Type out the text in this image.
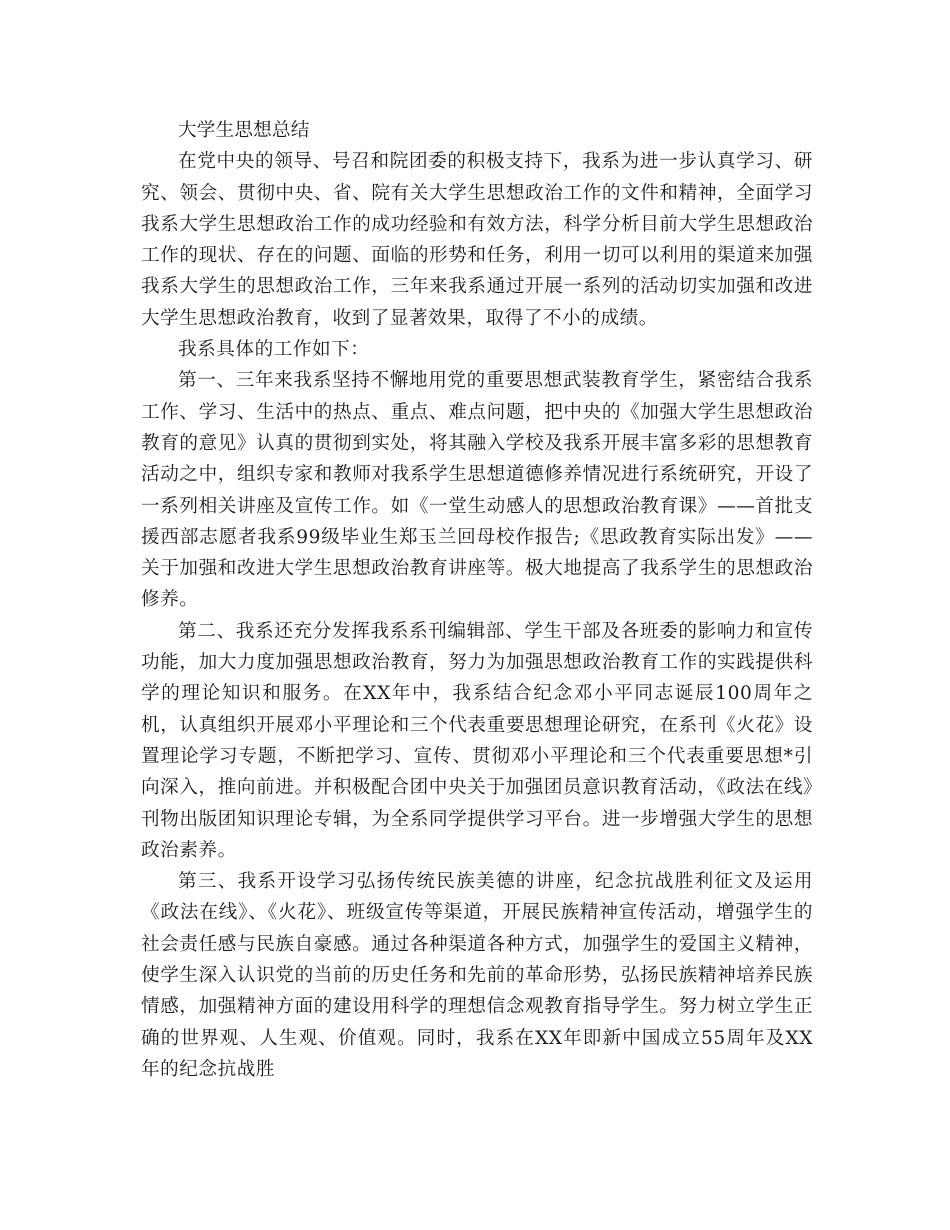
大学生思想总结

在党中央的领导、号召和院团委的积极支持下，我系为进一步认真学习、研究、领会、贯彻中央、省、院有关大学生思想政治工作的文件和精神，全面学习我系大学生思想政治工作的成功经验和有效方法，科学分析目前大学生思想政治工作的现状、存在的问题、面临的形势和任务，利用一切可以利用的渠道来加强我系大学生的思想政治工作，三年来我系通过开展一系列的活动切实加强和改进大学生思想政治教育，收到了显著效果，取得了不小的成绩。

我系具体的工作如下：

第一、三年来我系坚持不懈地用党的重要思想武装教育学生，紧密结合我系工作、学习、生活中的热点、重点、难点问题，把中央的《加强大学生思想政治教育的意见》认真的贯彻到实处，将其融入学校及我系开展丰富多彩的思想教育活动之中，组织专家和教师对我系学生思想道德修养情况进行系统研究，开设了一系列相关讲座及宣传工作。如《一堂生动感人的思想政治教育课》——首批支援西部志愿者我系99级毕业生郑玉兰回母校作报告;《思政教育实际出发》——关于加强和改进大学生思想政治教育讲座等。极大地提高了我系学生的思想政治修养。

第二、我系还充分发挥我系系刊编辑部、学生干部及各班委的影响力和宣传功能，加大力度加强思想政治教育，努力为加强思想政治教育工作的实践提供科学的理论知识和服务。在XX年中，我系结合纪念邓小平同志诞辰100周年之机，认真组织开展邓小平理论和三个代表重要思想理论研究，在系刊《火花》设置理论学习专题，不断把学习、宣传、贯彻邓小平理论和三个代表重要思想*引向深入，推向前进。并积极配合团中央关于加强团员意识教育活动，《政法在线》刊物出版团知识理论专辑，为全系同学提供学习平台。进一步增强大学生的思想政治素养。

第三、我系开设学习弘扬传统民族美德的讲座，纪念抗战胜利征文及运用《政法在线》、《火花》、班级宣传等渠道，开展民族精神宣传活动，增强学生的社会责任感与民族自豪感。通过各种渠道各种方式，加强学生的爱国主义精神，使学生深入认识党的当前的历史任务和先前的革命形势，弘扬民族精神培养民族情感，加强精神方面的建设用科学的理想信念观教育指导学生。努力树立学生正确的世界观、人生观、价值观。同时，我系在XX年即新中国成立55周年及XX年的纪念抗战胜
